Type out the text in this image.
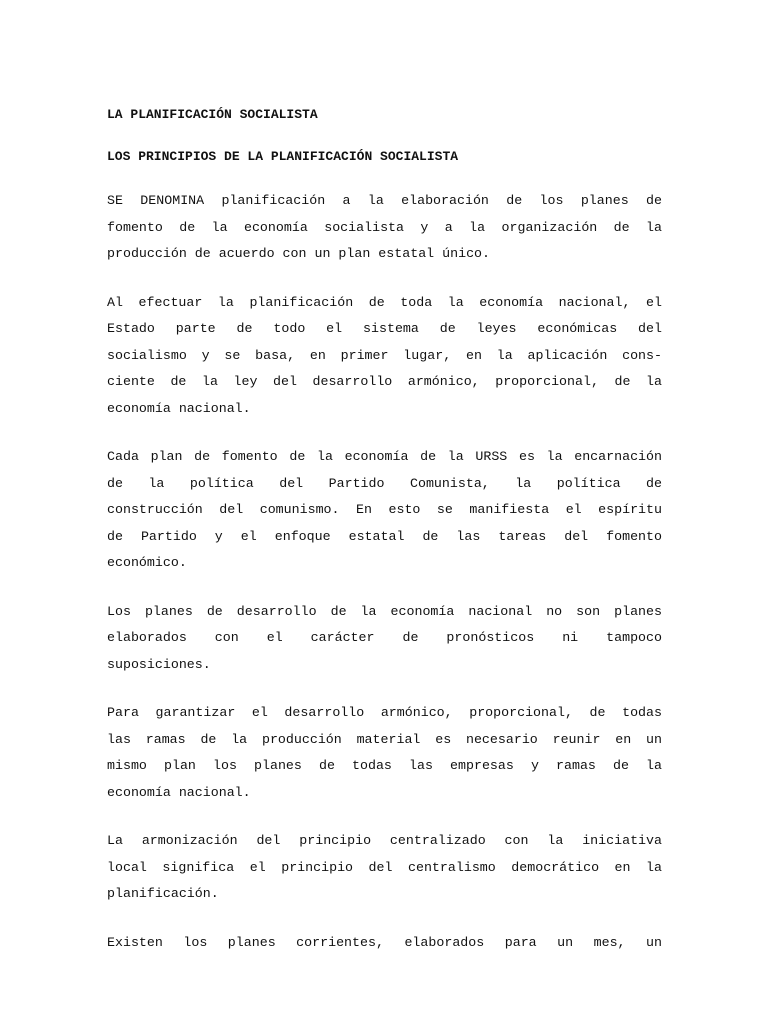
LA PLANIFICACIÓN SOCIALISTA
LOS PRINCIPIOS DE LA PLANIFICACIÓN SOCIALISTA
SE DENOMINA planificación a la elaboración de los planes de
fomento de la economía socialista y a la organización de la
producción de acuerdo con un plan estatal único.
Al efectuar la planificación de toda la economía nacional, el
Estado parte de todo el sistema de leyes económicas del
socialismo y se basa, en primer lugar, en la aplicación cons-
ciente de la ley del desarrollo armónico, proporcional, de la
economía nacional.
Cada plan de fomento de la economía de la URSS es la encarnación
de la política del Partido Comunista, la política de
construcción del comunismo. En esto se manifiesta el espíritu
de Partido y el enfoque estatal de las tareas del fomento
económico.
Los planes de desarrollo de la economía nacional no son planes
elaborados con el carácter de pronósticos ni tampoco
suposiciones.
Para garantizar el desarrollo armónico, proporcional, de todas
las ramas de la producción material es necesario reunir en un
mismo plan los planes de todas las empresas y ramas de la
economía nacional.
La armonización del principio centralizado con la iniciativa
local significa el principio del centralismo democrático en la
planificación.
Existen los planes corrientes, elaborados para un mes, un
